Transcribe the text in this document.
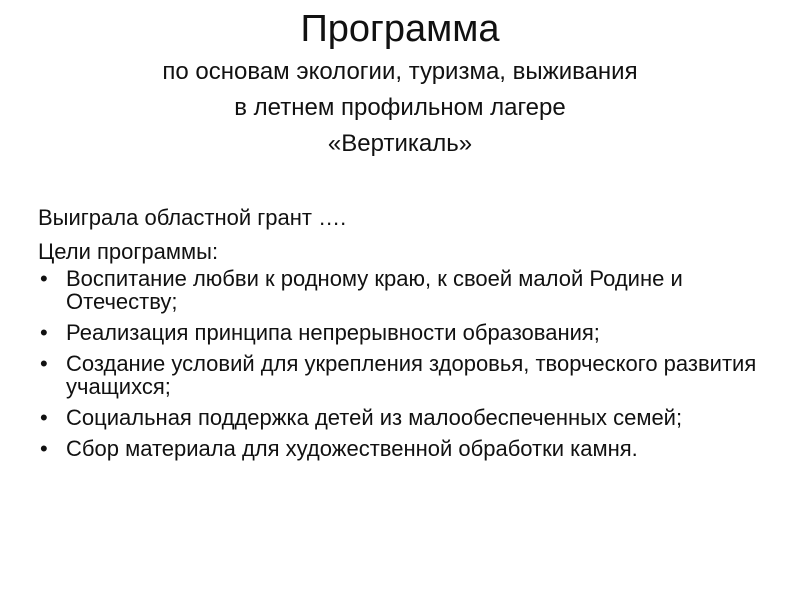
Программа

по основам экологии, туризма, выживания

в летнем профильном лагере

«Вертикаль»

Выиграла областной грант ….

Цели программы:

• Воспитание любви к родному краю, к своей малой Родине и Отечеству;
• Реализация принципа непрерывности образования;
• Создание условий для укрепления здоровья, творческого развития учащихся;
• Социальная поддержка детей из малообеспеченных семей;
• Сбор материала для художественной обработки камня.
